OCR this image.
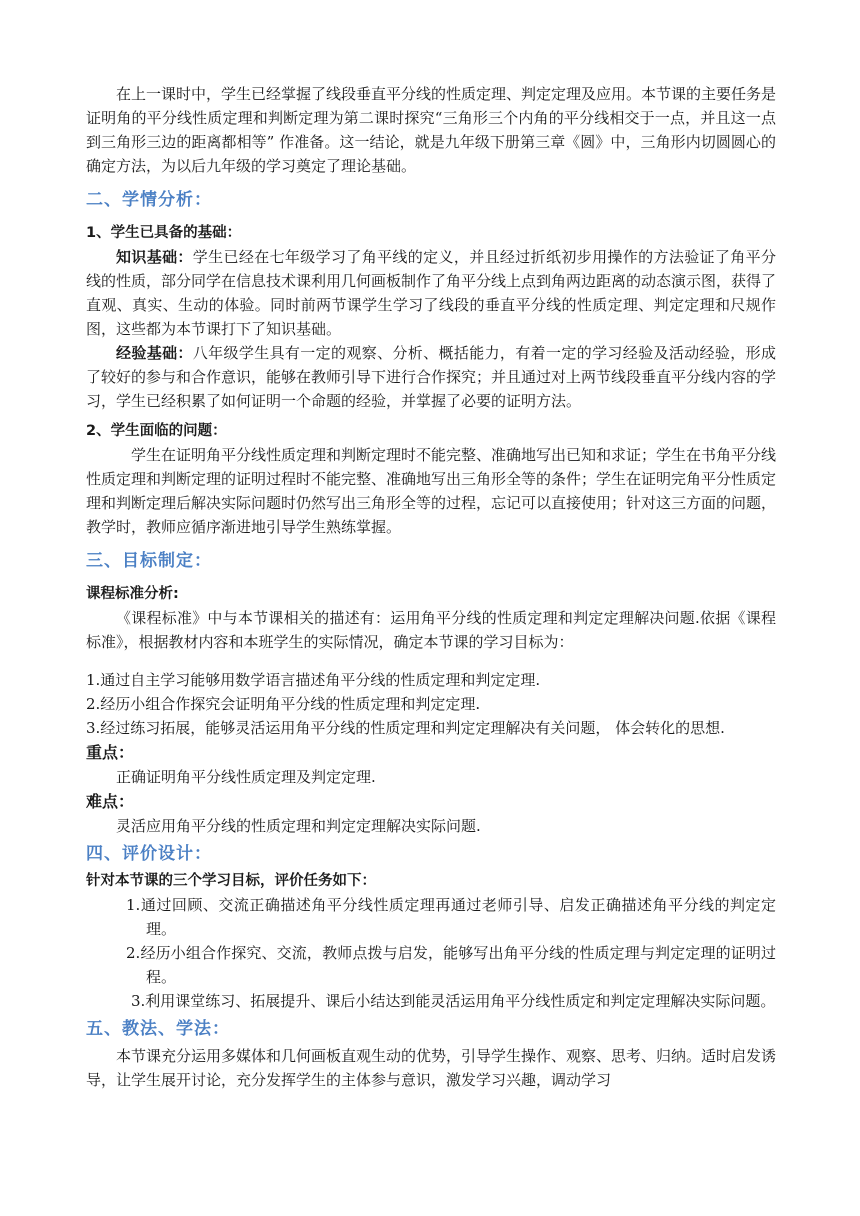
在上一课时中，学生已经掌握了线段垂直平分线的性质定理、判定定理及应用。本节课的主要任务是证明角的平分线性质定理和判断定理为第二课时探究“三角形三个内角的平分线相交于一点，并且这一点到三角形三边的距离都相等” 作准备。这一结论，就是九年级下册第三章《圆》中，三角形内切圆圆心的确定方法，为以后九年级的学习奠定了理论基础。

二、学情分析：

1、学生已具备的基础：

知识基础：学生已经在七年级学习了角平线的定义，并且经过折纸初步用操作的方法验证了角平分线的性质，部分同学在信息技术课利用几何画板制作了角平分线上点到角两边距离的动态演示图，获得了直观、真实、生动的体验。同时前两节课学生学习了线段的垂直平分线的性质定理、判定定理和尺规作图，这些都为本节课打下了知识基础。

经验基础：八年级学生具有一定的观察、分析、概括能力，有着一定的学习经验及活动经验，形成了较好的参与和合作意识，能够在教师引导下进行合作探究；并且通过对上两节线段垂直平分线内容的学习，学生已经积累了如何证明一个命题的经验，并掌握了必要的证明方法。

2、学生面临的问题：

学生在证明角平分线性质定理和判断定理时不能完整、准确地写出已知和求证；学生在书角平分线性质定理和判断定理的证明过程时不能完整、准确地写出三角形全等的条件；学生在证明完角平分性质定理和判断定理后解决实际问题时仍然写出三角形全等的过程，忘记可以直接使用；针对这三方面的问题，教学时，教师应循序渐进地引导学生熟练掌握。

三、目标制定：

课程标准分析:

《课程标准》中与本节课相关的描述有：运用角平分线的性质定理和判定定理解决问题.依据《课程标准》，根据教材内容和本班学生的实际情况，确定本节课的学习目标为：

1.通过自主学习能够用数学语言描述角平分线的性质定理和判定定理.

2.经历小组合作探究会证明角平分线的性质定理和判定定理.

3.经过练习拓展，能够灵活运用角平分线的性质定理和判定定理解决有关问题， 体会转化的思想.

重点：

正确证明角平分线性质定理及判定定理.

难点：

灵活应用角平分线的性质定理和判定定理解决实际问题.

四、评价设计：

针对本节课的三个学习目标，评价任务如下：

1.通过回顾、交流正确描述角平分线性质定理再通过老师引导、启发正确描述角平分线的判定定理。

2.经历小组合作探究、交流，教师点拨与启发，能够写出角平分线的性质定理与判定定理的证明过程。

3.利用课堂练习、拓展提升、课后小结达到能灵活运用角平分线性质定和判定定理解决实际问题。

五、教法、学法：

本节课充分运用多媒体和几何画板直观生动的优势，引导学生操作、观察、思考、归纳。适时启发诱导，让学生展开讨论，充分发挥学生的主体参与意识，激发学习兴趣，调动学习
